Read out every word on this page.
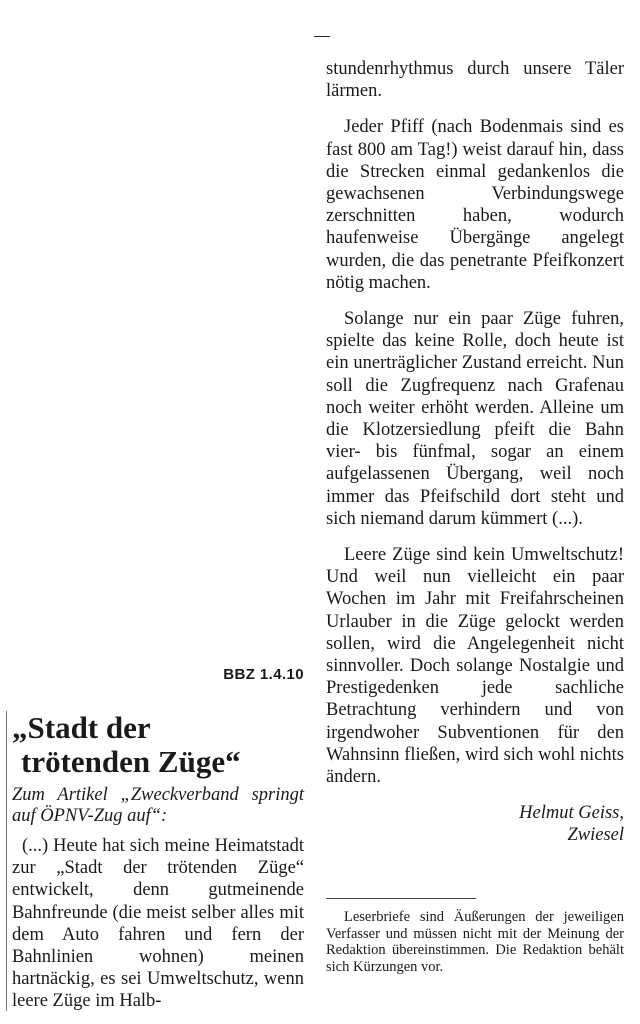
stundenrhythmus durch unsere Täler lärmen.

Jeder Pfiff (nach Bodenmais sind es fast 800 am Tag!) weist darauf hin, dass die Strecken einmal gedankenlos die gewachsenen Verbindungswege zerschnitten haben, wodurch haufenweise Übergänge angelegt wurden, die das penetrante Pfeifkonzert nötig machen.

Solange nur ein paar Züge fuhren, spielte das keine Rolle, doch heute ist ein unerträglicher Zustand erreicht. Nun soll die Zugfrequenz nach Grafenau noch weiter erhöht werden. Alleine um die Klotzersiedlung pfeift die Bahn vier- bis fünfmal, sogar an einem aufgelassenen Übergang, weil noch immer das Pfeifschild dort steht und sich niemand darum kümmert (...).

Leere Züge sind kein Umweltschutz! Und weil nun vielleicht ein paar Wochen im Jahr mit Freifahrscheinen Urlauber in die Züge gelockt werden sollen, wird die Angelegenheit nicht sinnvoller. Doch solange Nostalgie und Prestigedenken jede sachliche Betrachtung verhindern und von irgendwoher Subventionen für den Wahnsinn fließen, wird sich wohl nichts ändern.

Helmut Geiss,
Zwiesel

Leserbriefe sind Äußerungen der jeweiligen Verfasser und müssen nicht mit der Meinung der Redaktion übereinstimmen. Die Redaktion behält sich Kürzungen vor.

BBZ 1.4.10
„Stadt der
trötenden Züge“

Zum Artikel „Zweckverband springt auf ÖPNV-Zug auf“:

(...) Heute hat sich meine Heimatstadt zur „Stadt der trötenden Züge“ entwickelt, denn gutmeinende Bahnfreunde (die meist selber alles mit dem Auto fahren und fern der Bahnlinien wohnen) meinen hartnäckig, es sei Umweltschutz, wenn leere Züge im Halb-
